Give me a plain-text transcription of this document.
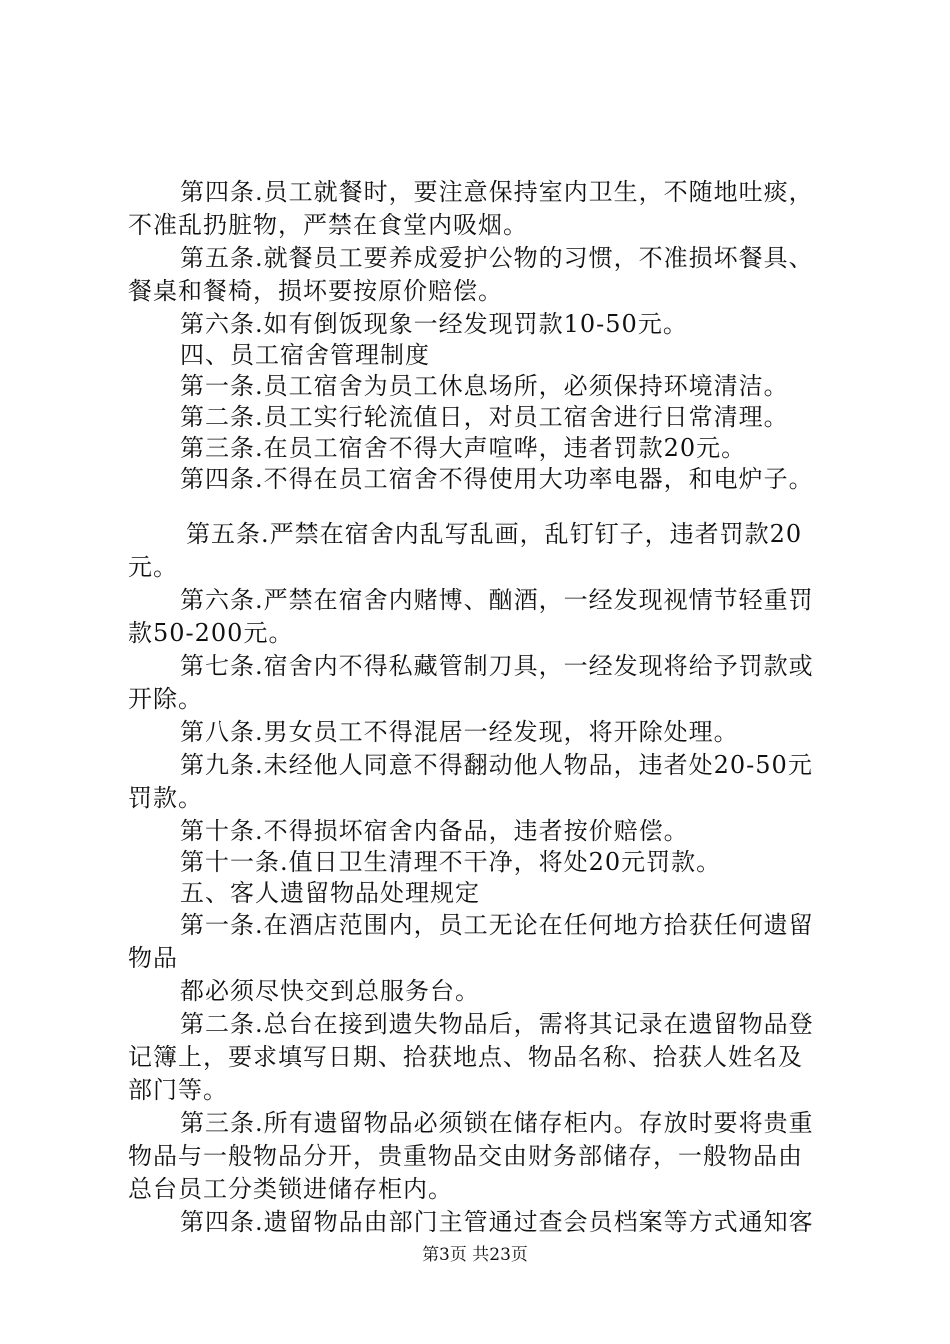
第四条.员工就餐时，要注意保持室内卫生，不随地吐痰，
不准乱扔脏物，严禁在食堂内吸烟。
第五条.就餐员工要养成爱护公物的习惯，不准损坏餐具、
餐桌和餐椅，损坏要按原价赔偿。
第六条.如有倒饭现象一经发现罚款10-50元。
四、员工宿舍管理制度
第一条.员工宿舍为员工休息场所，必须保持环境清洁。
第二条.员工实行轮流值日，对员工宿舍进行日常清理。
第三条.在员工宿舍不得大声喧哗，违者罚款20元。
第四条.不得在员工宿舍不得使用大功率电器，和电炉子。
第五条.严禁在宿舍内乱写乱画，乱钉钉子，违者罚款20
元。
第六条.严禁在宿舍内赌博、酗酒，一经发现视情节轻重罚
款50-200元。
第七条.宿舍内不得私藏管制刀具，一经发现将给予罚款或
开除。
第八条.男女员工不得混居一经发现，将开除处理。
第九条.未经他人同意不得翻动他人物品，违者处20-50元
罚款。
第十条.不得损坏宿舍内备品，违者按价赔偿。
第十一条.值日卫生清理不干净，将处20元罚款。
五、客人遗留物品处理规定
第一条.在酒店范围内，员工无论在任何地方拾获任何遗留
物品
都必须尽快交到总服务台。
第二条.总台在接到遗失物品后，需将其记录在遗留物品登
记簿上，要求填写日期、拾获地点、物品名称、拾获人姓名及
部门等。
第三条.所有遗留物品必须锁在储存柜内。存放时要将贵重
物品与一般物品分开，贵重物品交由财务部储存，一般物品由
总台员工分类锁进储存柜内。
第四条.遗留物品由部门主管通过查会员档案等方式通知客
第3页 共23页
